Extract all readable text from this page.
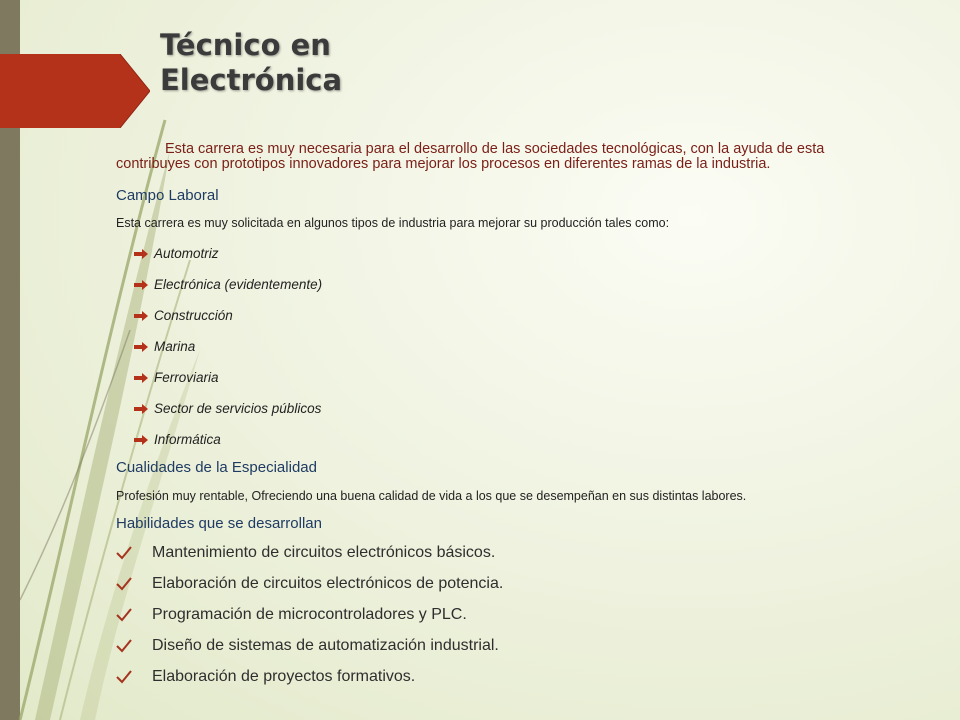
Técnico en
Electrónica

Esta carrera es muy necesaria para el desarrollo de las sociedades tecnológicas, con la ayuda de esta
contribuyes con prototipos innovadores para mejorar los procesos en diferentes ramas de la industria.

Campo Laboral

Esta carrera es muy solicitada en algunos tipos de industria para mejorar su producción tales como:

Automotriz
Electrónica (evidentemente)
Construcción
Marina
Ferroviaria
Sector de servicios públicos
Informática

Cualidades de la Especialidad

Profesión muy rentable, Ofreciendo una buena calidad de vida a los que se desempeñan en sus distintas labores.

Habilidades que se desarrollan

Mantenimiento de circuitos electrónicos básicos.
Elaboración de circuitos electrónicos de potencia.
Programación de microcontroladores y PLC.
Diseño de sistemas de automatización industrial.
Elaboración de proyectos formativos.
